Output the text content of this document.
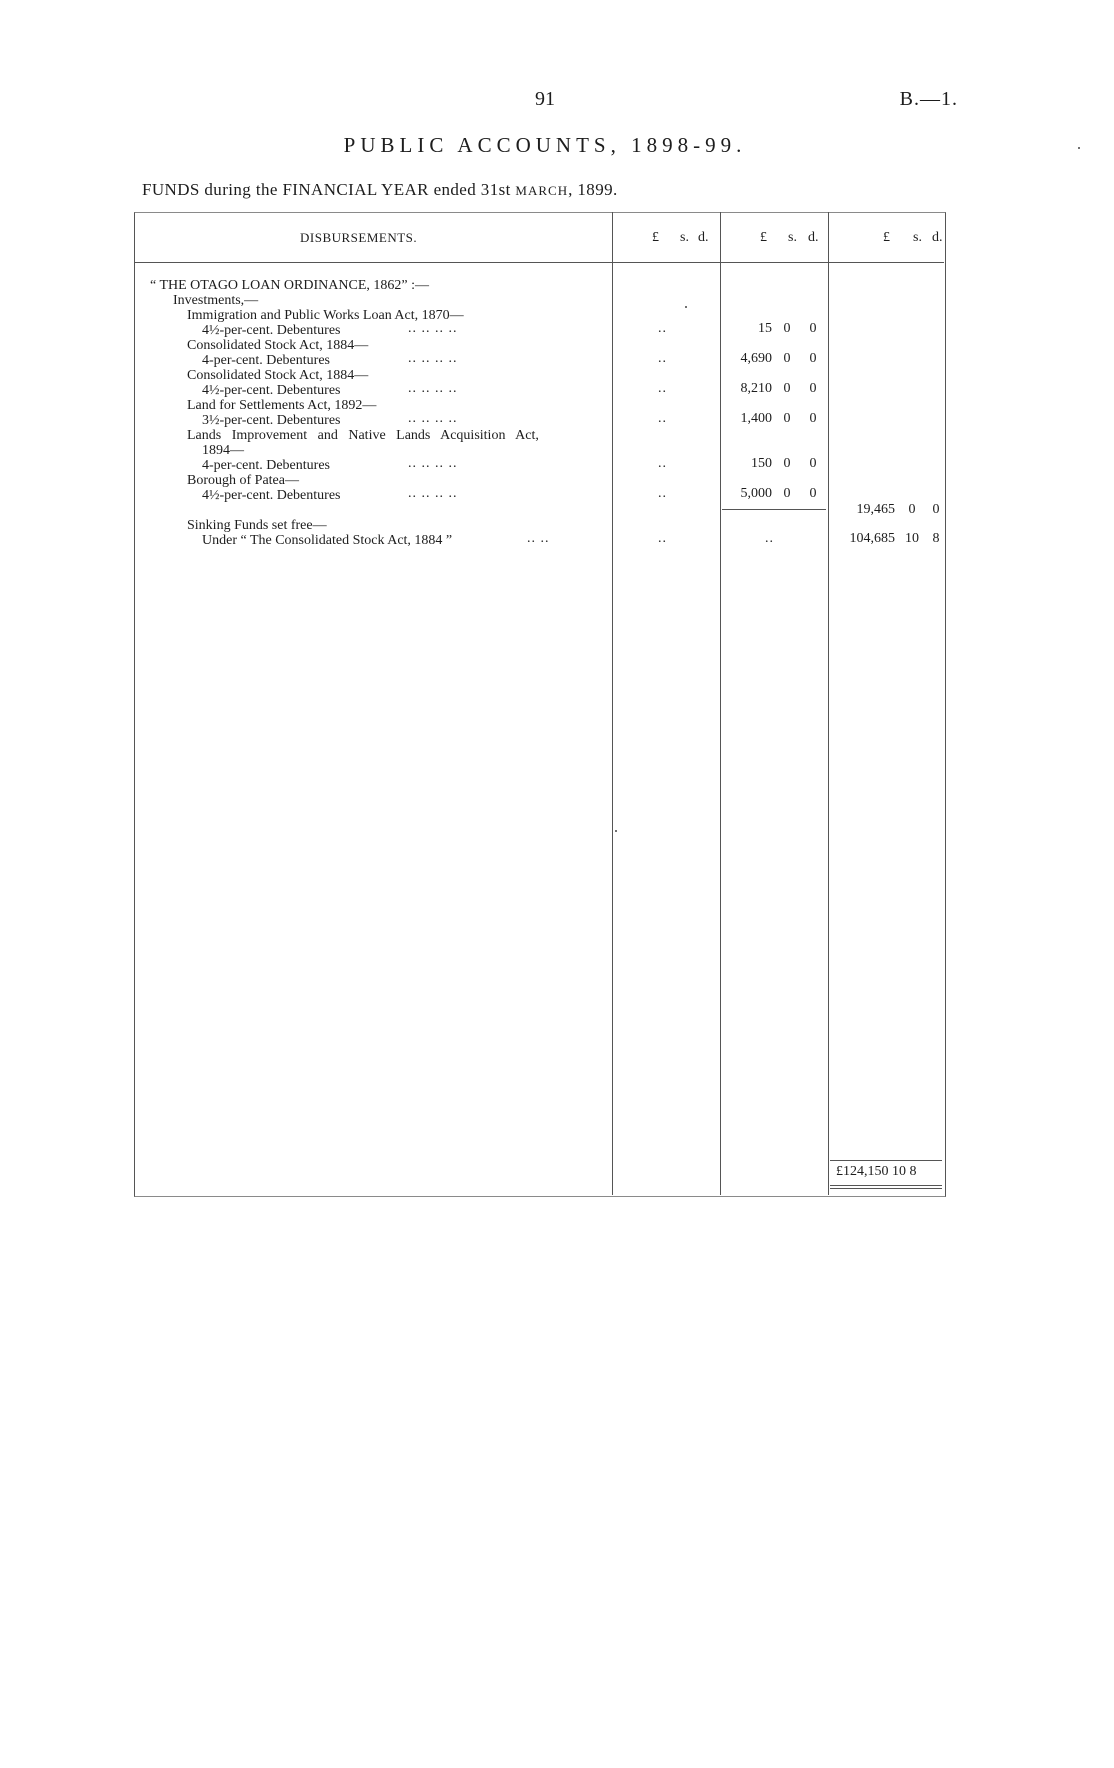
91	B.—1.
PUBLIC ACCOUNTS, 1898-99.
FUNDS during the FINANCIAL YEAR ended 31st MARCH, 1899.
DISBURSEMENTS.	£ s. d.	£ s. d.	£ s. d.
“ THE OTAGO LOAN ORDINANCE, 1862” :—
Investments,—
Immigration and Public Works Loan Act, 1870—
4½-per-cent. Debentures	.. .. .. ..	..	15 0 0
Consolidated Stock Act, 1884—
4-per-cent. Debentures	.. .. .. ..	..	4,690 0 0
Consolidated Stock Act, 1884—
4½-per-cent. Debentures	.. .. .. ..	..	8,210 0 0
Land for Settlements Act, 1892—
3½-per-cent. Debentures	.. .. .. ..	..	1,400 0 0
Lands Improvement and Native Lands Acquisition Act,
1894—
4-per-cent. Debentures	.. .. .. ..	..	150 0 0
Borough of Patea—
4½-per-cent. Debentures	.. .. .. ..	..	5,000 0 0
19,465 0 0
Sinking Funds set free—
Under “ The Consolidated Stock Act, 1884 ”	.. ..	..	..	104,685 10 8
£124,150 10 8
